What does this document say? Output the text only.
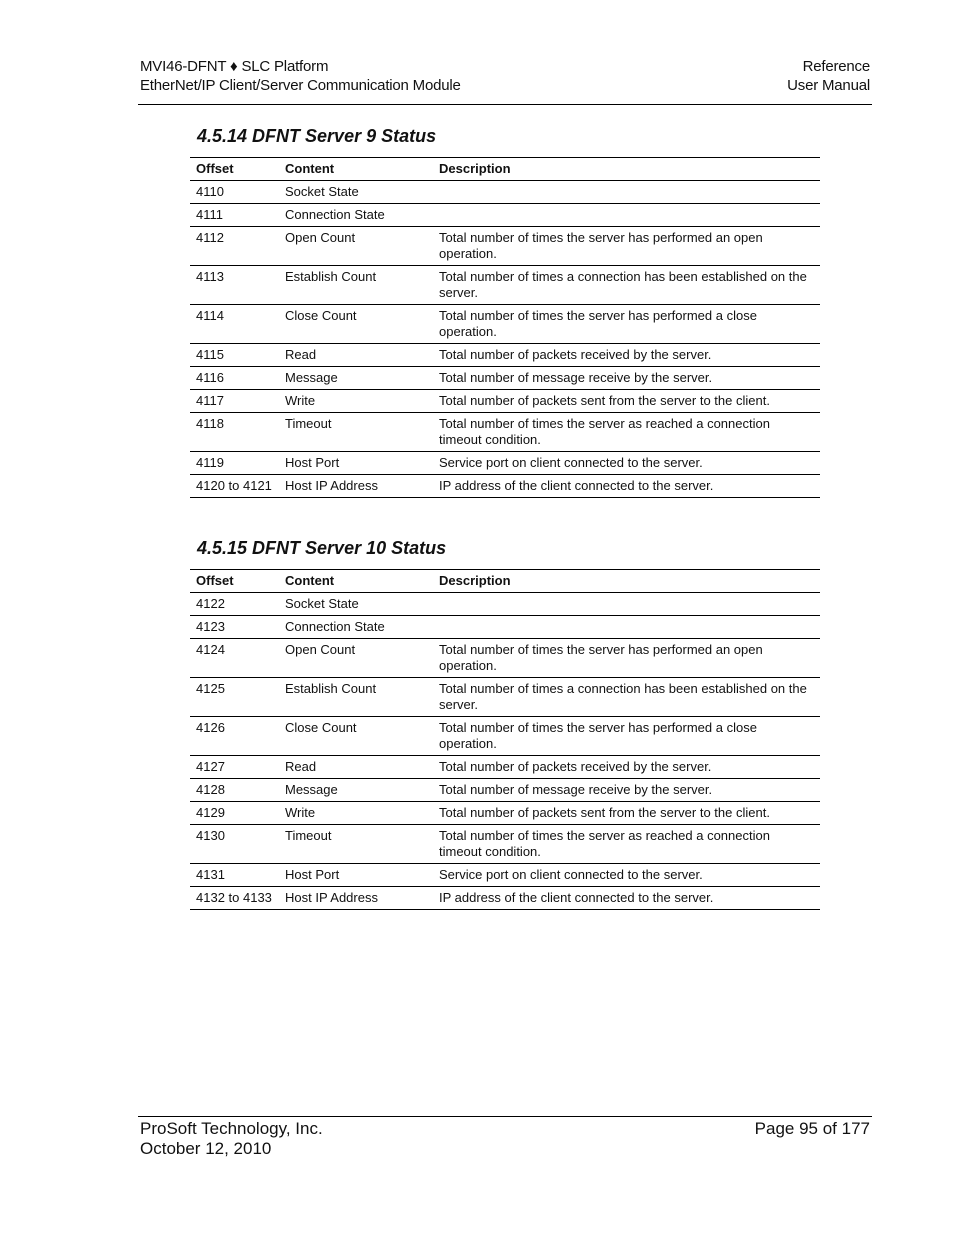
MVI46-DFNT ♦ SLC Platform
EtherNet/IP Client/Server Communication Module
Reference
User Manual
4.5.14 DFNT Server 9 Status
Offset	Content	Description
4110	Socket State	
4111	Connection State	
4112	Open Count	Total number of times the server has performed an open operation.
4113	Establish Count	Total number of times a connection has been established on the server.
4114	Close Count	Total number of times the server has performed a close operation.
4115	Read	Total number of packets received by the server.
4116	Message	Total number of message receive by the server.
4117	Write	Total number of packets sent from the server to the client.
4118	Timeout	Total number of times the server as reached a connection timeout condition.
4119	Host Port	Service port on client connected to the server.
4120 to 4121	Host IP Address	IP address of the client connected to the server.
4.5.15 DFNT Server 10 Status
Offset	Content	Description
4122	Socket State	
4123	Connection State	
4124	Open Count	Total number of times the server has performed an open operation.
4125	Establish Count	Total number of times a connection has been established on the server.
4126	Close Count	Total number of times the server has performed a close operation.
4127	Read	Total number of packets received by the server.
4128	Message	Total number of message receive by the server.
4129	Write	Total number of packets sent from the server to the client.
4130	Timeout	Total number of times the server as reached a connection timeout condition.
4131	Host Port	Service port on client connected to the server.
4132 to 4133	Host IP Address	IP address of the client connected to the server.
ProSoft Technology, Inc.
October 12, 2010
Page 95 of 177
